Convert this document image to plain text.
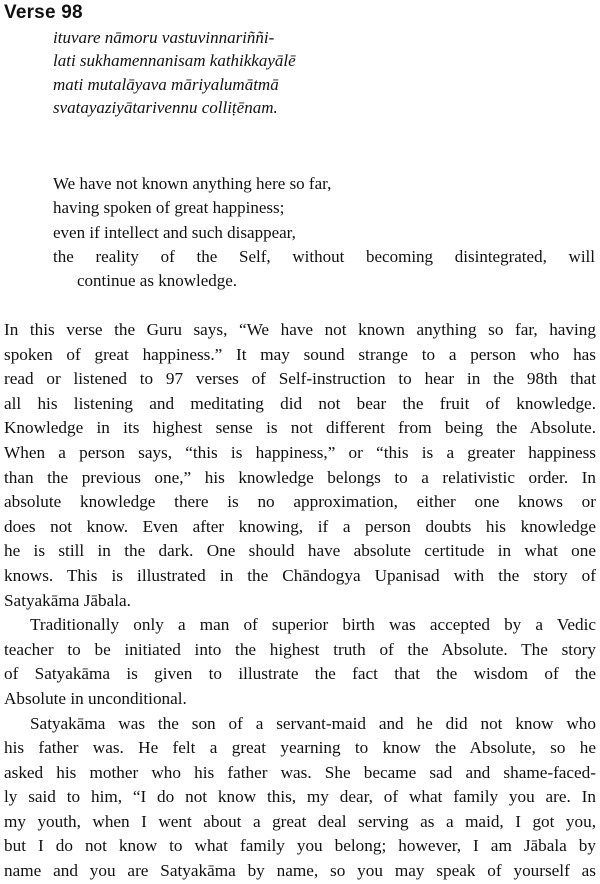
Verse 98
ituvare nāmoru vastuvinnariññi-
lati sukhamennanisam kathikkayālē
mati mutalāyava māriyalumātmā
svatayaziyātarivennu colliṭēnam.
We have not known anything here so far,
having spoken of great happiness;
even if intellect and such disappear,
the reality of the Self, without becoming disintegrated, will
continue as knowledge.
In this verse the Guru says, “We have not known anything so far, having
spoken of great happiness.” It may sound strange to a person who has
read or listened to 97 verses of Self-instruction to hear in the 98th that
all his listening and meditating did not bear the fruit of knowledge.
Knowledge in its highest sense is not different from being the Absolute.
When a person says, “this is happiness,” or “this is a greater happiness
than the previous one,” his knowledge belongs to a relativistic order. In
absolute knowledge there is no approximation, either one knows or
does not know. Even after knowing, if a person doubts his knowledge
he is still in the dark. One should have absolute certitude in what one
knows. This is illustrated in the Chāndogya Upanisad with the story of
Satyakāma Jābala.
Traditionally only a man of superior birth was accepted by a Vedic
teacher to be initiated into the highest truth of the Absolute. The story
of Satyakāma is given to illustrate the fact that the wisdom of the
Absolute in unconditional.
Satyakāma was the son of a servant-maid and he did not know who
his father was. He felt a great yearning to know the Absolute, so he
asked his mother who his father was. She became sad and shame-faced-
ly said to him, “I do not know this, my dear, of what family you are. In
my youth, when I went about a great deal serving as a maid, I got you,
but I do not know to what family you belong; however, I am Jābala by
name and you are Satyakāma by name, so you may speak of yourself as
